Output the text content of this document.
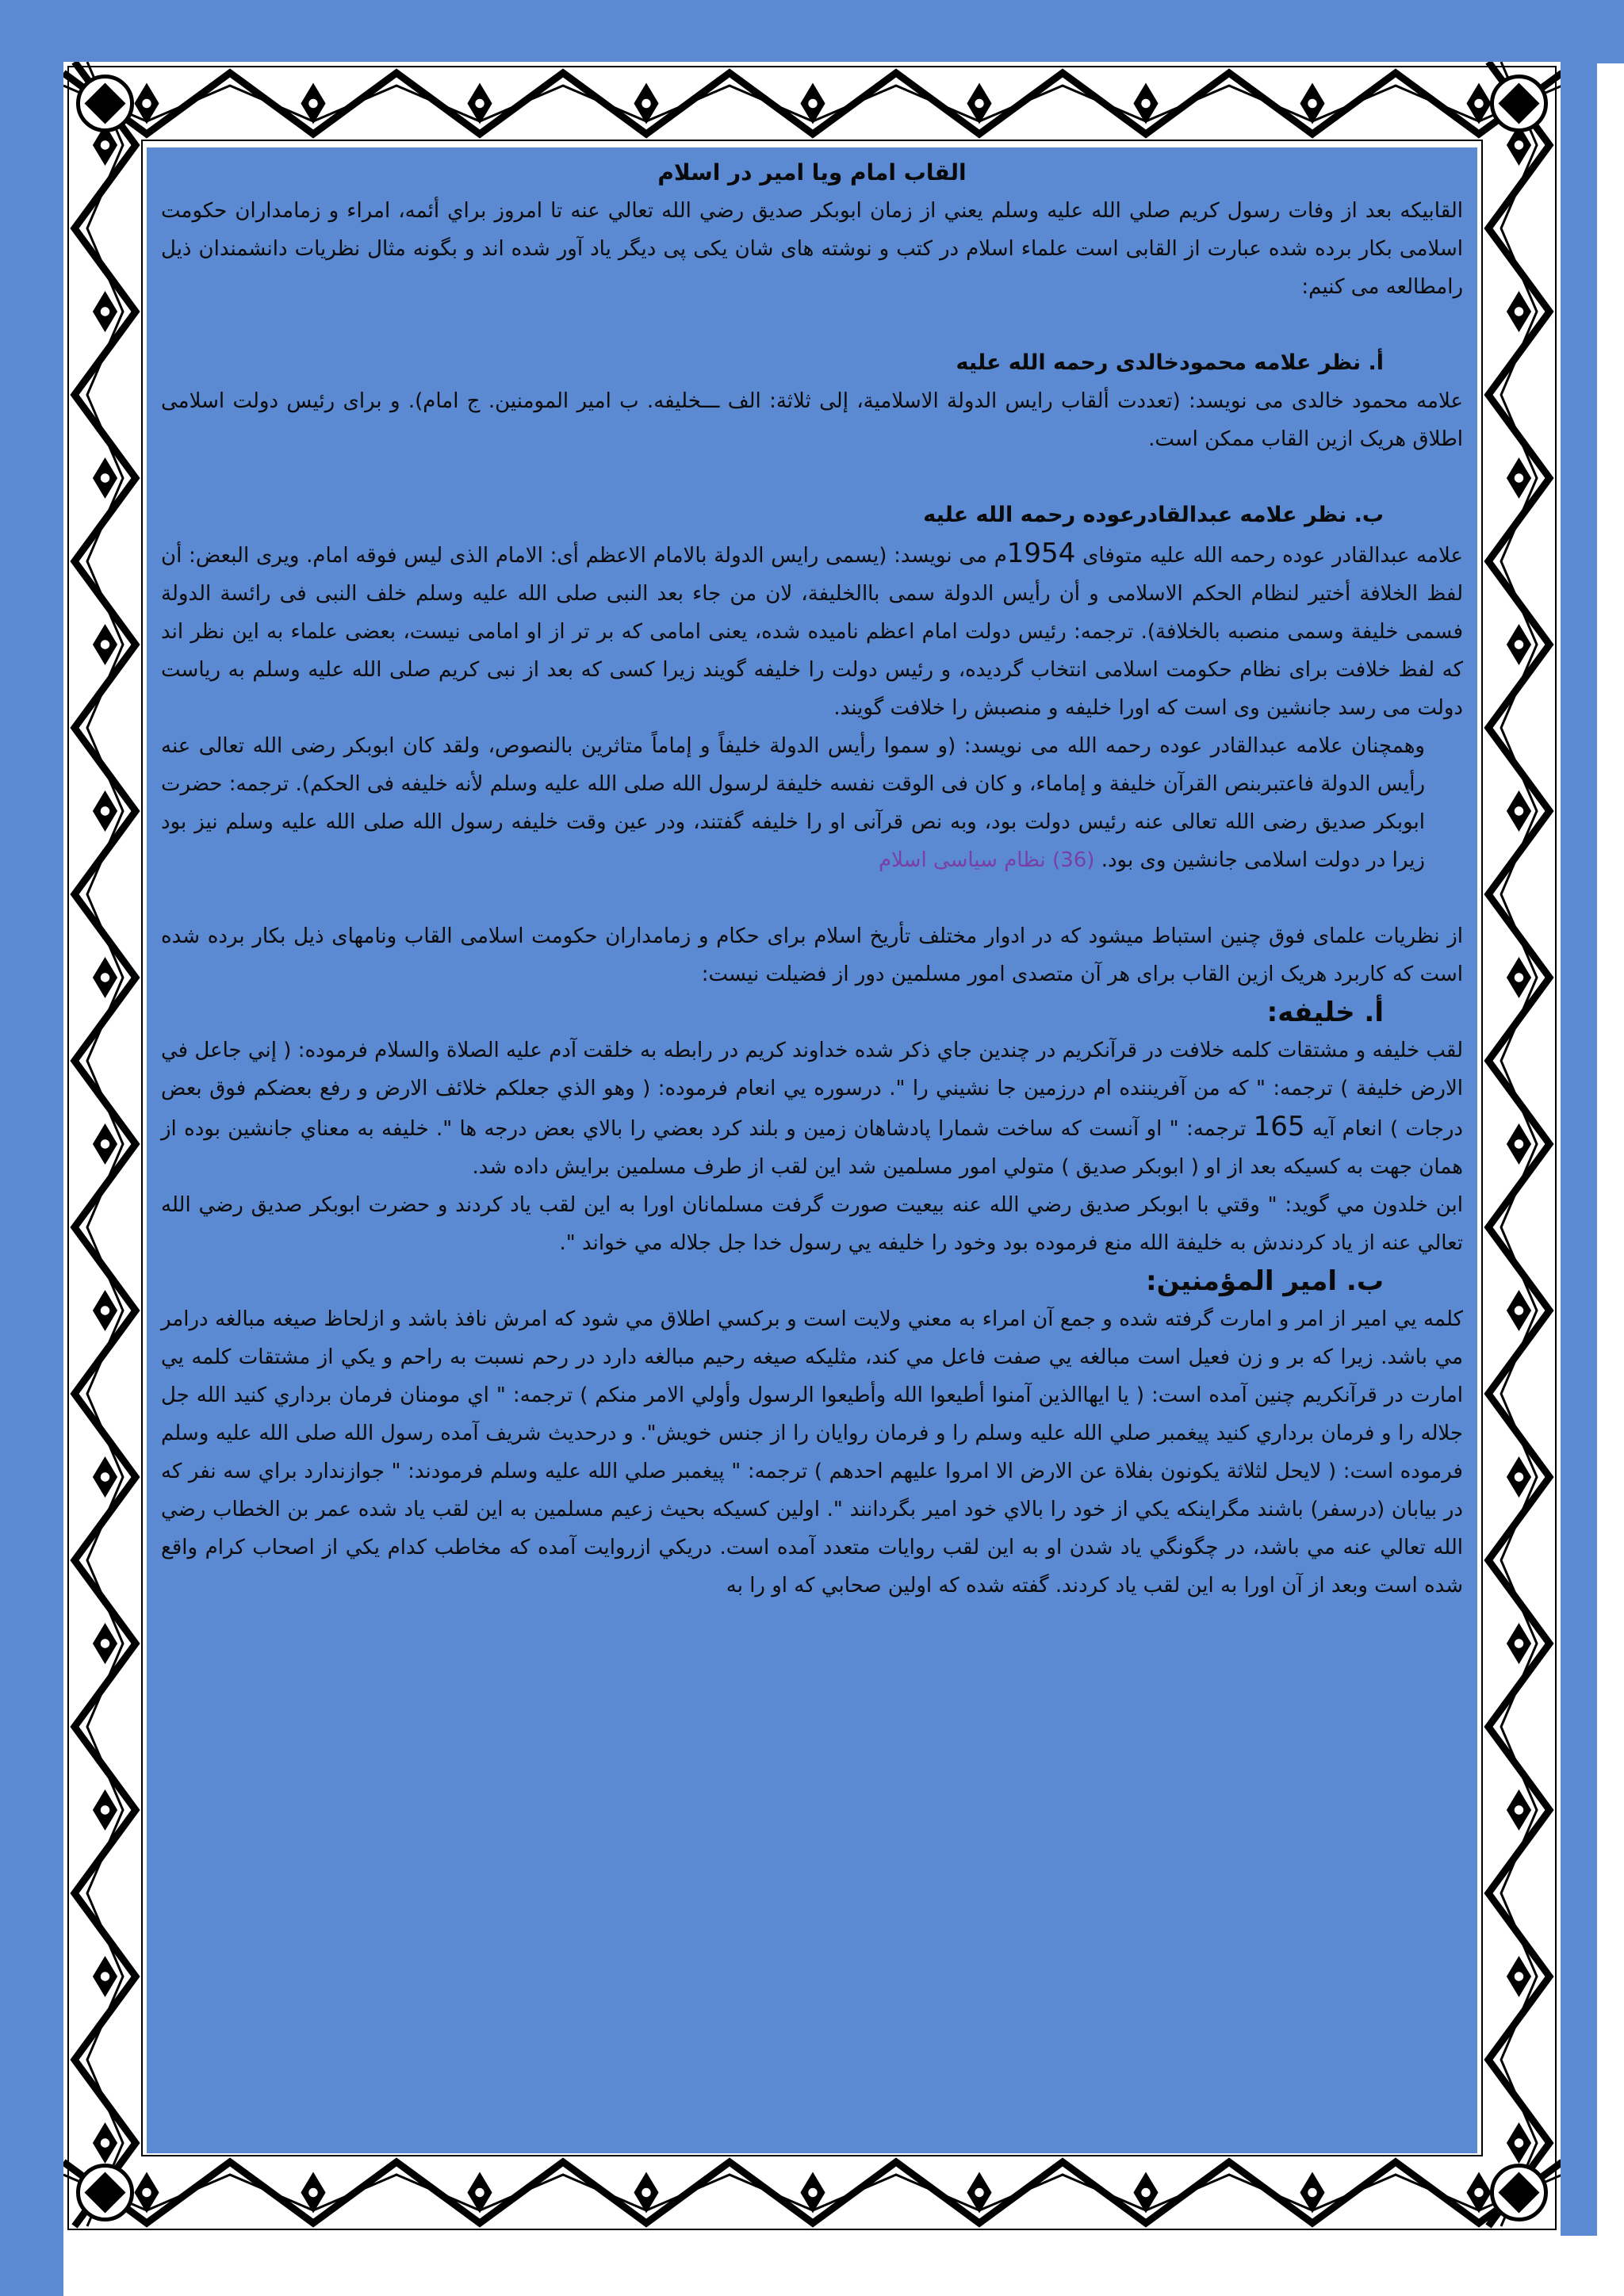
القاب امام ویا امیر در اسلام

القابیکه بعد از وفات رسول کریم صلي الله عليه وسلم يعني از زمان ابوبكر صديق رضي الله تعالي عنه تا امروز براي أئمه، امراء و زمامداران حکومت اسلامی بکار برده شده عبارت از القابی است علماء اسلام در کتب و نوشته های شان یکی پی دیگر یاد آور شده اند و بگونه مثال نظریات دانشمندان ذیل رامطالعه می کنیم:

أ. نظر علامه محمودخالدی رحمه الله علیه

علامه محمود خالدی می نویسد: (تعددت ألقاب رايس الدولة الاسلامية، إلى ثلاثة: الف ـــخليفه. ب امير المومنين. ج امام). و برای رئیس دولت اسلامی اطلاق هریک ازین القاب ممکن است.

ب. نظر علامه عبدالقادرعوده رحمه الله علیه

علامه عبدالقادر عوده رحمه الله علیه متوفای 1954م می نویسد: (يسمى رايس الدولة بالامام الاعظم أى: الامام الذى ليس فوقه امام. ويرى البعض: أن لفظ الخلافة أختير لنظام الحكم الاسلامى و أن رأيس الدولة سمى باالخليفة، لان من جاء بعد النبى صلى الله عليه وسلم خلف النبى فى رائسة الدولة فسمى خليفة وسمى منصبه بالخلافة). ترجمه: رئیس دولت امام اعظم نامیده شده، یعنی امامی که بر تر از او امامی نیست، بعضی علماء به این نظر اند که لفظ خلافت برای نظام حکومت اسلامی انتخاب گردیده، و رئیس دولت را خلیفه گویند زیرا کسی که بعد از نبی کریم صلی الله علیه وسلم به ریاست دولت می رسد جانشین وی است که اورا خلیفه و منصبش را خلافت گویند.

وهمچنان علامه عبدالقادر عوده رحمه الله می نویسد: (و سموا رأيس الدولة خليفاً و إماماً متاثرين بالنصوص، ولقد كان ابوبكر رضى الله تعالى عنه رأيس الدولة فاعتبربنص القرآن خليفة و إماماء، و كان فى الوقت نفسه خليفة لرسول الله صلى الله عليه وسلم لأنه خليفه فى الحكم). ترجمه: حضرت ابوبکر صدیق رضی الله تعالی عنه رئیس دولت بود، وبه نص قرآنی او را خلیفه گفتند، ودر عین وقت خلیفه رسول الله صلی الله علیه وسلم نیز بود زیرا در دولت اسلامی جانشین وی بود. (36) نظام سیاسی اسلام

از نظریات علمای فوق چنین استباط میشود که در ادوار مختلف تأریخ اسلام برای حکام و زمامداران حکومت اسلامی القاب ونامهای ذیل بکار برده شده است که کاربرد هریک ازین القاب برای هر آن متصدی امور مسلمین دور از فضیلت نیست:

أ. خلیفه:

لقب خليفه و مشتقات كلمه خلافت در قرآنكريم در چندين جاي ذكر شده خداوند كريم در رابطه به خلقت آدم عليه الصلاة والسلام فرموده: ( إني جاعل في الارض خليفة ) ترجمه: " كه من آفريننده ام درزمين جا نشيني را ". درسوره يي انعام فرموده: ( وهو الذي جعلكم خلائف الارض و رفع بعضكم فوق بعض درجات ) انعام آيه 165 ترجمه: " او آنست كه ساخت شمارا پادشاهان زمين و بلند كرد بعضي را بالاي بعض درجه ها ". خليفه به معناي جانشين بوده از همان جهت به كسيكه بعد از او ( ابوبكر صديق ) متولي امور مسلمين شد اين لقب از طرف مسلمين برايش داده شد.

ابن خلدون مي گويد: " وقتي با ابوبكر صديق رضي الله عنه بيعيت صورت گرفت مسلمانان اورا به اين لقب ياد كردند و حضرت ابوبكر صديق رضي الله تعالي عنه از ياد كردندش به خليفة الله منع فرموده بود وخود را خليفه يي رسول خدا جل جلاله مي خواند ".

ب. امير المؤمنين:

كلمه يي امير از امر و امارت گرفته شده و جمع آن امراء به معني ولايت است و بركسي اطلاق مي شود كه امرش نافذ باشد و ازلحاظ صيغه مبالغه درامر مي باشد. زيرا كه بر و زن فعيل است مبالغه يي صفت فاعل مي كند، مثليكه صيغه رحيم مبالغه دارد در رحم نسبت به راحم و يكي از مشتقات كلمه يي امارت در قرآنكريم چنين آمده است: ( يا ايهاالذين آمنوا أطيعوا الله وأطيعوا الرسول وأولي الامر منكم ) ترجمه: " اي مومنان فرمان برداري كنيد الله جل جلاله را و فرمان برداري كنيد پيغمبر صلي الله عليه وسلم را و فرمان روايان را از جنس خويش". و درحديث شريف آمده رسول الله صلى الله عليه وسلم فرموده است: ( لايحل لثلاثة يكونون بفلاة عن الارض الا امروا عليهم احدهم ) ترجمه: " پيغمبر صلي الله عليه وسلم فرمودند: " جوازندارد براي سه نفر كه در بيابان (درسفر) باشند مگراينكه يكي از خود را بالاي خود امير بگردانند ". اولين كسيكه بحيث زعيم مسلمين به اين لقب ياد شده عمر بن الخطاب رضي الله تعالي عنه مي باشد، در چگونگي ياد شدن او به اين لقب روايات متعدد آمده است. دريكي ازروايت آمده كه مخاطب كدام يكي از اصحاب كرام واقع شده است وبعد از آن اورا به اين لقب ياد كردند. گفته شده كه اولين صحابي كه او را به
